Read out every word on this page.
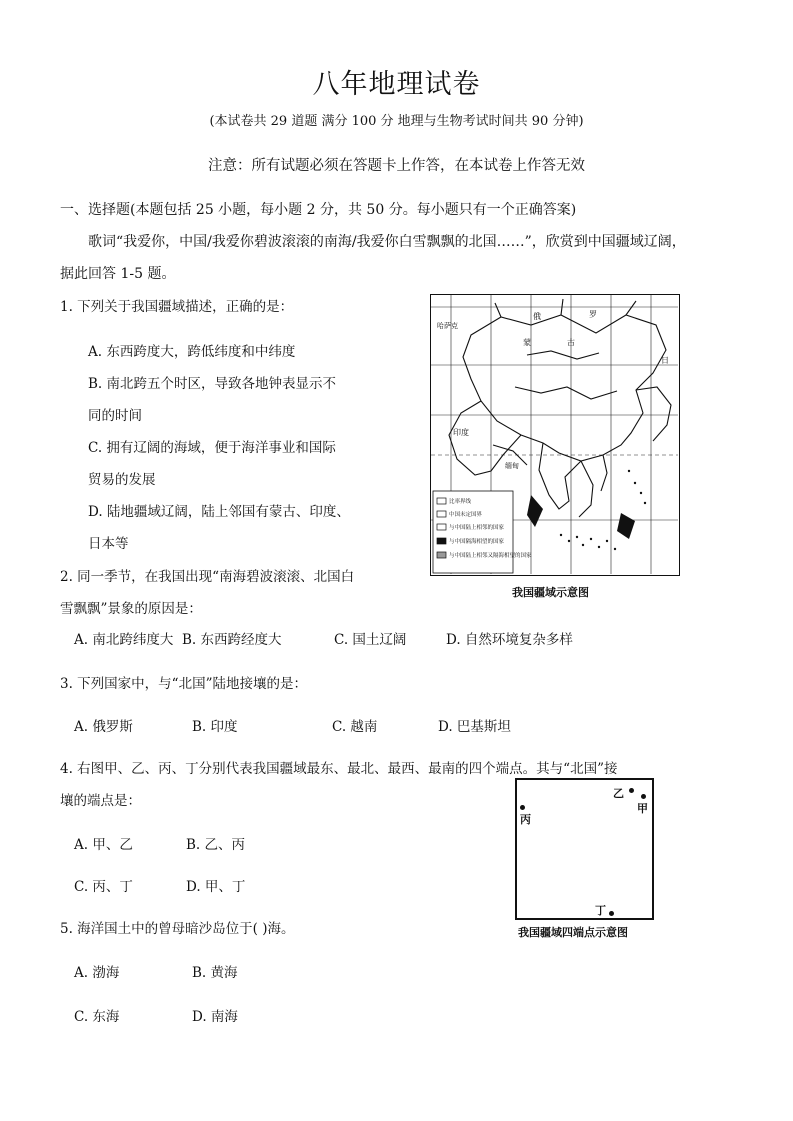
八年地理试卷
(本试卷共 29 道题 满分 100 分 地理与生物考试时间共 90 分钟)
注意：所有试题必须在答题卡上作答，在本试卷上作答无效
一、选择题(本题包括 25 小题，每小题 2 分，共 50 分。每小题只有一个正确答案)
歌词“我爱你，中国/我爱你碧波滚滚的南海/我爱你白雪飘飘的北国……”，欣赏到中国疆域辽阔，
据此回答 1-5 题。
1. 下列关于我国疆域描述，正确的是：
A. 东西跨度大，跨低纬度和中纬度
B. 南北跨五个时区，导致各地钟表显示不
同的时间
C. 拥有辽阔的海域，便于海洋事业和国际
贸易的发展
D. 陆地疆域辽阔，陆上邻国有蒙古、印度、
日本等
俄	罗
蒙	古
印度
日
缅甸
哈萨克
比率界线
中国未定国界
与中国陆上相邻的国家
与中国隔海相望的国家
与中国陆上相邻又隔海相望的国家
我国疆域示意图
2. 同一季节，在我国出现“南海碧波滚滚、北国白
雪飘飘”景象的原因是：
A. 南北跨纬度大 B. 东西跨经度大	C. 国土辽阔	D. 自然环境复杂多样
3. 下列国家中，与“北国”陆地接壤的是：
A. 俄罗斯	B. 印度	C. 越南	D. 巴基斯坦
4. 右图甲、乙、丙、丁分别代表我国疆域最东、最北、最西、最南的四个端点。其与“北国”接
壤的端点是：
A. 甲、乙	B. 乙、丙
C. 丙、丁	D. 甲、丁
丙
乙
甲
丁
我国疆域四端点示意图
5. 海洋国土中的曾母暗沙岛位于( )海。
A. 渤海	B. 黄海
C. 东海	D. 南海
